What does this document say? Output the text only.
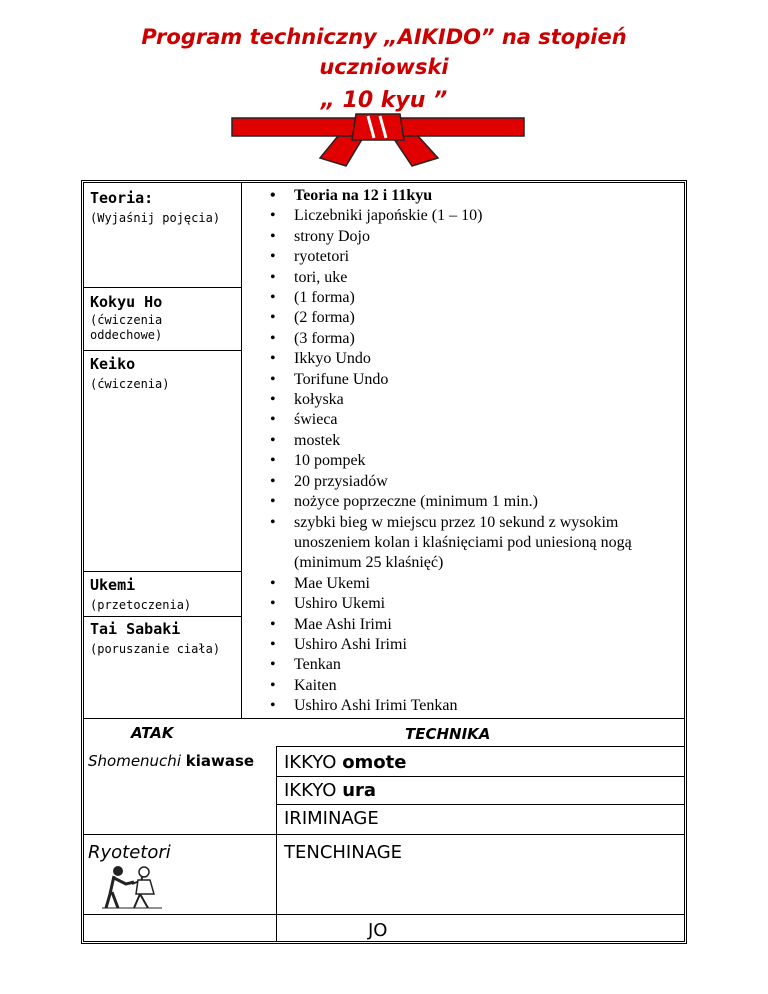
Program techniczny „AIKIDO” na stopień
uczniowski
„ 10 kyu ”
Teoria:
(Wyjaśnij pojęcia)
Kokyu Ho
(ćwiczenia oddechowe)
Keiko
(ćwiczenia)
Ukemi
(przetoczenia)
Tai Sabaki
(poruszanie ciała)
• Teoria na 12 i 11kyu
• Liczebniki japońskie (1 – 10)
• strony Dojo
• ryotetori
• tori, uke
• (1 forma)
• (2 forma)
• (3 forma)
• Ikkyo Undo
• Torifune Undo
• kołyska
• świeca
• mostek
• 10 pompek
• 20 przysiadów
• nożyce poprzeczne (minimum 1 min.)
• szybki bieg w miejscu przez 10 sekund z wysokim unoszeniem kolan i klaśnięciami pod uniesioną nogą (minimum 25 klaśnięć)
• Mae Ukemi
• Ushiro Ukemi
• Mae Ashi Irimi
• Ushiro Ashi Irimi
• Tenkan
• Kaiten
• Ushiro Ashi Irimi Tenkan
ATAK	TECHNIKA
Shomenuchi kiawase
Ryotetori
IKKYO omote
IKKYO ura
IRIMINAGE
TENCHINAGE
JO
